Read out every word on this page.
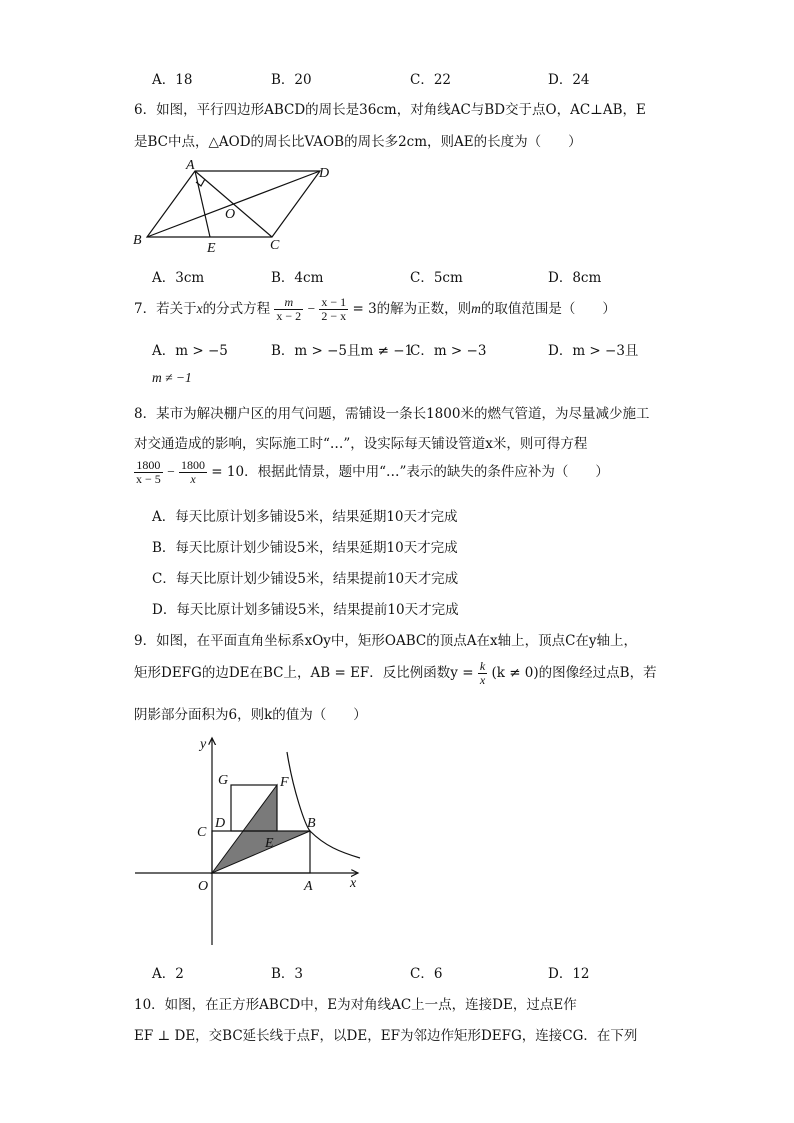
A．18	B．20	C．22	D．24
6．如图，平行四边形ABCD的周长是36cm，对角线AC与BD交于点O，AC⊥AB，E
是BC中点，△AOD的周长比VAOB的周长多2cm，则AE的长度为（　　）
A
D
O
B
E	C
A．3cm	B．4cm	C．5cm	D．8cm
7．若关于x的分式方程 $\frac{m}{x - 2} - \frac{x - 1}{2 - x} = 3$的解为正数，则m的取值范围是（　　）
A．m > −5	B．m > −5且m ≠ −1
C．m > −3	D．m > −3且
m ≠ −1
8．某市为解决棚户区的用气问题，需铺设一条长1800米的燃气管道，为尽量减少施工
对交通造成的影响，实际施工时“…”，设实际每天铺设管道x米，则可得方程
$\frac{1800}{x - 5} - \frac{1800}{x} = 10$．根据此情景，题中用“…”表示的缺失的条件应补为（　　）
A．每天比原计划多铺设5米，结果延期10天才完成
B．每天比原计划少铺设5米，结果延期10天才完成
C．每天比原计划少铺设5米，结果提前10天才完成
D．每天比原计划多铺设5米，结果提前10天才完成
9．如图，在平面直角坐标系xOy中，矩形OABC的顶点A在x轴上，顶点C在y轴上，
矩形DEFG的边DE在BC上，AB = EF．反比例函数$y = \frac{k}{x} (k \ne 0)$的图像经过点B，若
阴影部分面积为6，则k的值为（　　）
y
G	F
C
D	B
E
O	A	x
A．2	B．3	C．6	D．12
10．如图，在正方形ABCD中，E为对角线AC上一点，连接DE，过点E作
EF ⊥ DE，交BC延长线于点F，以DE，EF为邻边作矩形DEFG，连接CG．在下列
